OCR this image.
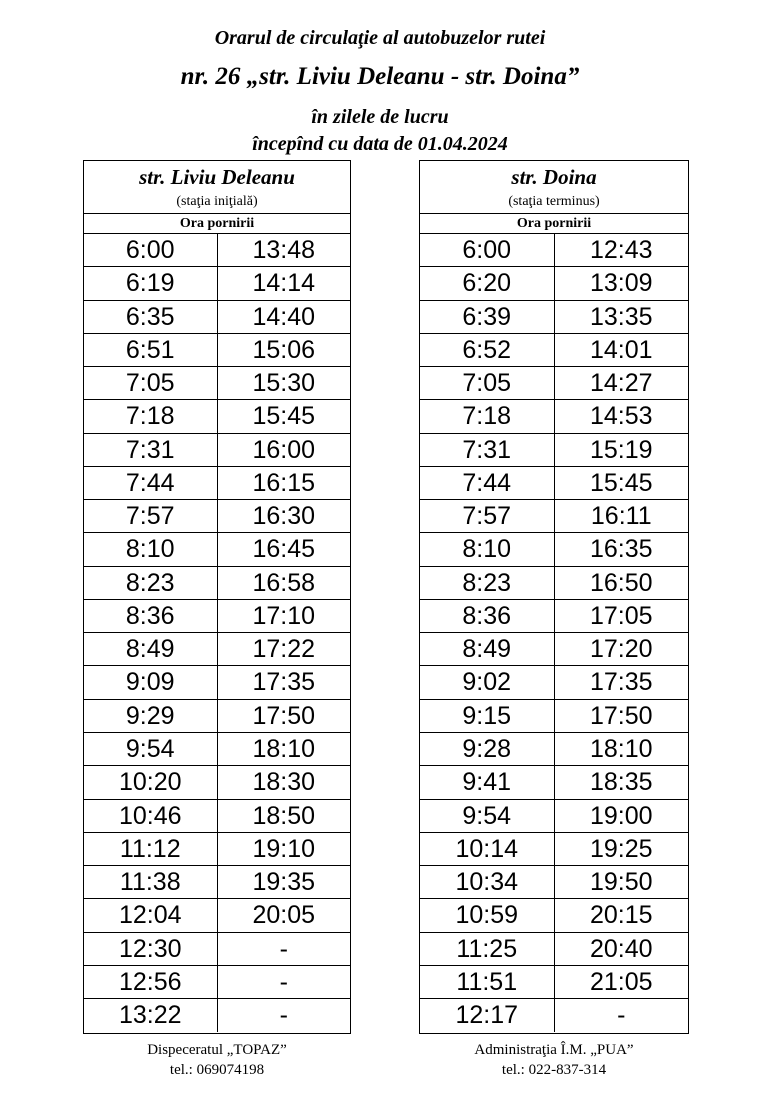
Orarul de circulaţie al autobuzelor rutei
nr. 26 „str. Liviu Deleanu - str. Doina”
în zilele de lucru
începînd cu data de 01.04.2024
str. Liviu Deleanu
(staţia iniţială)
Ora pornirii
6:00	13:48
6:19	14:14
6:35	14:40
6:51	15:06
7:05	15:30
7:18	15:45
7:31	16:00
7:44	16:15
7:57	16:30
8:10	16:45
8:23	16:58
8:36	17:10
8:49	17:22
9:09	17:35
9:29	17:50
9:54	18:10
10:20	18:30
10:46	18:50
11:12	19:10
11:38	19:35
12:04	20:05
12:30	-
12:56	-
13:22	-
str. Doina
(staţia terminus)
Ora pornirii
6:00	12:43
6:20	13:09
6:39	13:35
6:52	14:01
7:05	14:27
7:18	14:53
7:31	15:19
7:44	15:45
7:57	16:11
8:10	16:35
8:23	16:50
8:36	17:05
8:49	17:20
9:02	17:35
9:15	17:50
9:28	18:10
9:41	18:35
9:54	19:00
10:14	19:25
10:34	19:50
10:59	20:15
11:25	20:40
11:51	21:05
12:17	-
Dispeceratul „TOPAZ”
tel.: 069074198
Administraţia Î.M. „PUA”
tel.: 022-837-314
